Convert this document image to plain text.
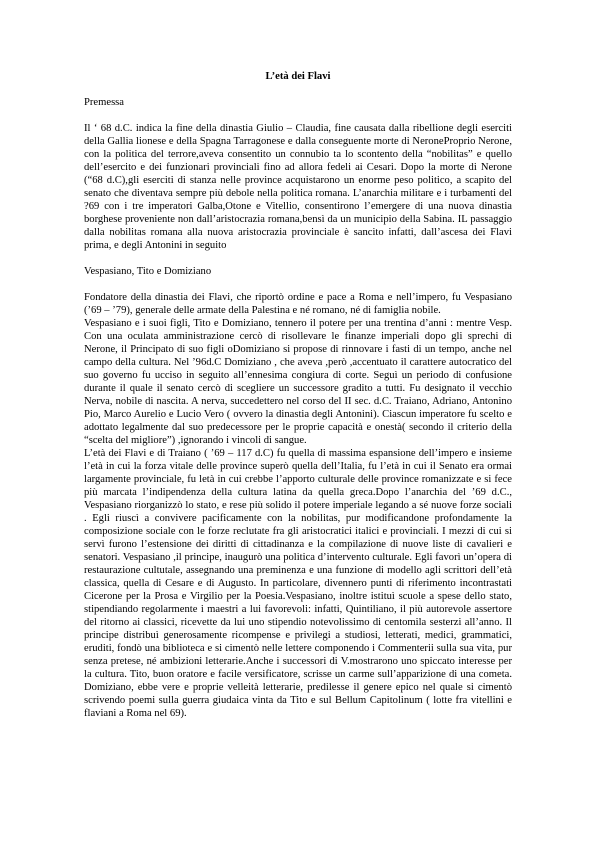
L’età dei Flavi
Premessa

Il ‘ 68 d.C. indica la fine della dinastia Giulio – Claudia, fine causata dalla ribellione degli eserciti della Gallia lionese e della Spagna Tarragonese e dalla conseguente morte di NeroneProprio Nerone, con la politica del terrore,aveva consentito un connubio ta lo scontento della “nobilitas” e quello dell’esercito e dei funzionari provinciali fino ad allora fedeli ai Cesari. Dopo la morte di Nerone (“68 d.C),gli eserciti di stanza nelle province acquistarono un enorme peso politico, a scapito del senato che diventava sempre più debole nella politica romana. L’anarchia militare e i turbamenti del ?69 con i tre imperatori Galba,Otone e Vitellio, consentirono l’emergere di una nuova dinastia borghese proveniente non dall’aristocrazia romana,bensì da un municipio della Sabina. IL passaggio dalla nobilitas romana alla nuova aristocrazia provinciale è sancito infatti, dall’ascesa dei Flavi prima, e degli Antonini in seguito

Vespasiano, Tito e Domiziano

Fondatore della dinastia dei Flavi, che riportò ordine e pace a Roma e nell’impero, fu Vespasiano (’69 – ’79), generale delle armate della Palestina e né romano, né di famiglia nobile.

Vespasiano e i suoi figli, Tito e Domiziano, tennero il potere per una trentina d’anni : mentre Vesp. Con una oculata amministrazione cercò di risollevare le finanze imperiali dopo gli sprechi di Nerone, il Principato di suo figli oDomiziano si propose di rinnovare i fasti di un tempo, anche nel campo della cultura. Nel ’96d.C Domiziano , che aveva ,però ,accentuato il carattere autocratico del suo governo fu ucciso in seguito all’ennesima congiura di corte. Seguì un periodo di confusione durante il quale il senato cercò di scegliere un successore gradito a tutti. Fu designato il vecchio Nerva, nobile di nascita. A nerva, succedettero nel corso del II sec. d.C. Traiano, Adriano, Antonino Pio, Marco Aurelio e Lucio Vero ( ovvero la dinastia degli Antonini). Ciascun imperatore fu scelto e adottato legalmente dal suo predecessore per le proprie capacità e onestà( secondo il criterio della “scelta del migliore”) ,ignorando i vincoli di sangue.

L’età dei Flavi e di Traiano ( ’69 – 117 d.C) fu quella di massima espansione dell’impero e insieme l’età in cui la forza vitale delle province superò quella dell’Italia, fu l’età in cui il Senato era ormai largamente provinciale, fu letà in cui crebbe l’apporto culturale delle province romanizzate e si fece più marcata l’indipendenza della cultura latina da quella greca.Dopo l’anarchia del ’69 d.C., Vespasiano riorganizzò lo stato, e rese più solido il potere imperiale legando a sé nuove forze sociali . Egli riuscì a convivere pacificamente con la nobilitas, pur modificandone profondamente la composizione sociale con le forze reclutate fra gli aristocratici italici e provinciali. I mezzi di cui si servì furono l’estensione dei diritti di cittadinanza e la compilazione di nuove liste di cavalieri e senatori. Vespasiano ,il principe, inaugurò una politica d’intervento culturale. Egli favorì un’opera di restaurazione cultutale, assegnando una preminenza e una funzione di modello agli scrittori dell’età classica, quella di Cesare e di Augusto. In particolare, divennero punti di riferimento incontrastati Cicerone per la Prosa e Virgilio per la Poesia.Vespasiano, inoltre istituì scuole a spese dello stato, stipendiando regolarmente i maestri a lui favorevoli: infatti, Quintiliano, il più autorevole assertore del ritorno ai classici, ricevette da lui uno stipendio notevolissimo di centomila sesterzi all’anno. Il principe distribuì generosamente ricompense e privilegi a studiosi, letterati, medici, grammatici, eruditi, fondò una biblioteca e si cimentò nelle lettere componendo i Commenterii sulla sua vita, pur senza pretese, né ambizioni letterarie.Anche i successori di V.mostrarono uno spiccato interesse per la cultura. Tito, buon oratore e facile versificatore, scrisse un carme sull’apparizione di una cometa. Domiziano, ebbe vere e proprie velleità letterarie, predilesse il genere epico nel quale si cimentò scrivendo poemi sulla guerra giudaica vinta da Tito e sul Bellum Capitolinum ( lotte fra vitellini e flaviani a Roma nel 69).
